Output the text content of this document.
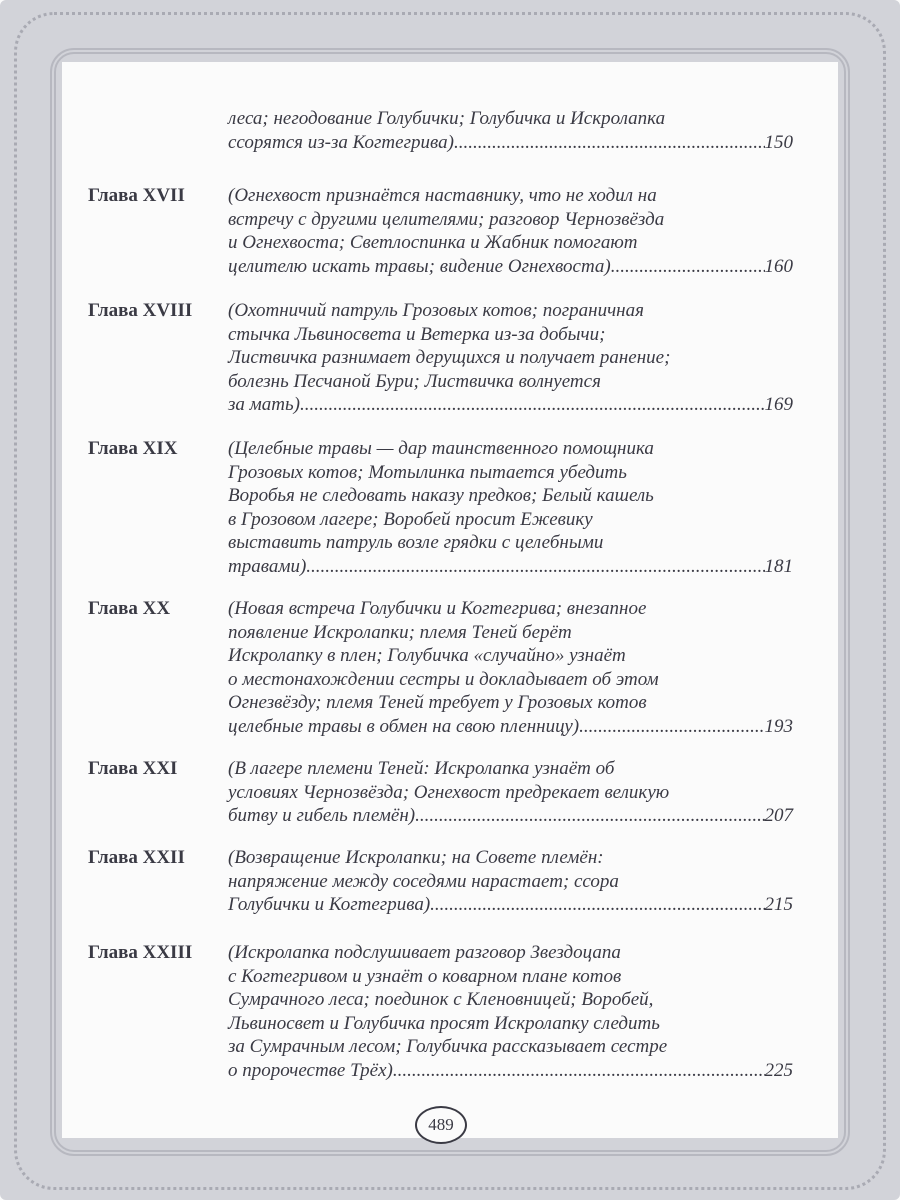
леса; негодование Голубички; Голубичка и Искролапка
ссорятся из-за Когтегрива) .....	150
Глава XVII (Огнехвост признаётся наставнику, что не ходил на
встречу с другими целителями; разговор Чернозвёзда
и Огнехвоста; Светлоспинка и Жабник помогают
целителю искать травы; видение Огнехвоста) .....	160
Глава XVIII (Охотничий патруль Грозовых котов; пограничная
стычка Львиносвета и Ветерка из-за добычи;
Листвичка разнимает дерущихся и получает ранение;
болезнь Песчаной Бури; Листвичка волнуется
за мать) .....	169
Глава XIX	(Целебные травы — дар таинственного помощника
Грозовых котов; Мотылинка пытается убедить
Воробья не следовать наказу предков; Белый кашель
в Грозовом лагере; Воробей просит Ежевику
выставить патруль возле грядки с целебными
травами) .....	181
Глава XX	(Новая встреча Голубички и Когтегрива; внезапное
появление Искролапки; племя Теней берёт
Искролапку в плен; Голубичка «случайно» узнаёт
о местонахождении сестры и докладывает об этом
Огнезвёзду; племя Теней требует у Грозовых котов
целебные травы в обмен на свою пленницу) .....	193
Глава XXI	(В лагере племени Теней: Искролапка узнаёт об
условиях Чернозвёзда; Огнехвост предрекает великую
битву и гибель племён) .....	207
Глава XXII (Возвращение Искролапки; на Совете племён:
напряжение между соседями нарастает; ссора
Голубички и Когтегрива) .....	215
Глава XXIII (Искролапка подслушивает разговор Звездоцапа
с Когтегривом и узнаёт о коварном плане котов
Сумрачного леса; поединок с Кленовницей; Воробей,
Львиносвет и Голубичка просят Искролапку следить
за Сумрачным лесом; Голубичка рассказывает сестре
о пророчестве Трёх) .....	225
489
